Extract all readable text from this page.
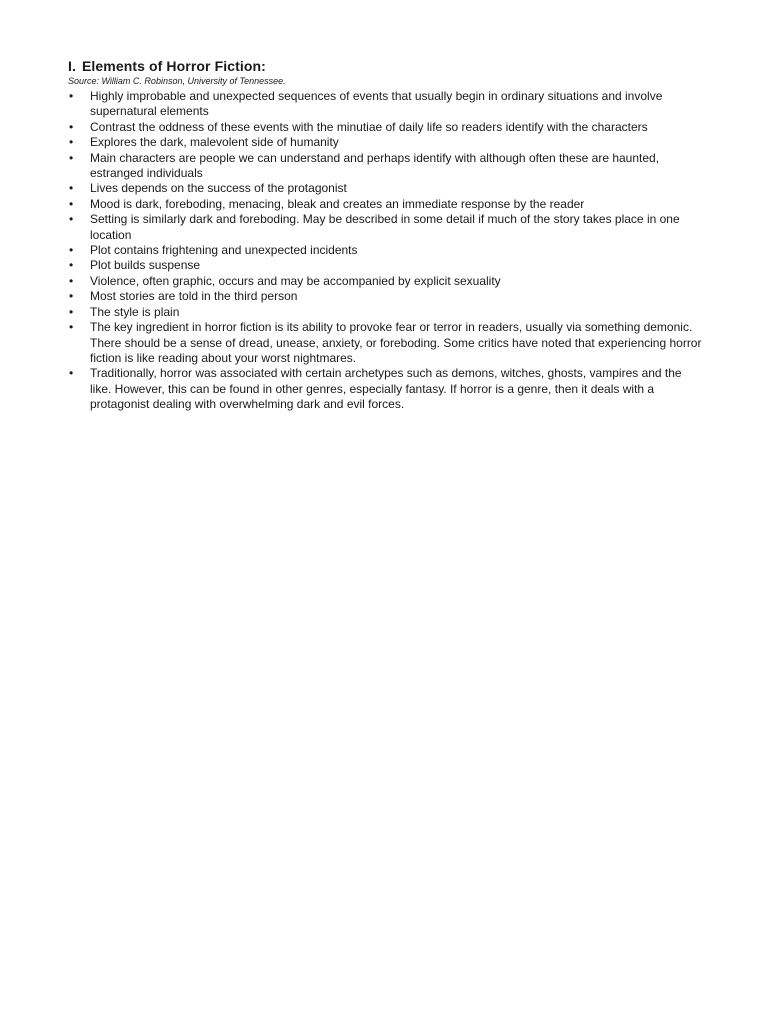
I. Elements of Horror Fiction:

Source: William C. Robinson, University of Tennessee.

• Highly improbable and unexpected sequences of events that usually begin in ordinary situations and involve supernatural elements
• Contrast the oddness of these events with the minutiae of daily life so readers identify with the characters
• Explores the dark, malevolent side of humanity
• Main characters are people we can understand and perhaps identify with although often these are haunted, estranged individuals
• Lives depends on the success of the protagonist
• Mood is dark, foreboding, menacing, bleak and creates an immediate response by the reader
• Setting is similarly dark and foreboding. May be described in some detail if much of the story takes place in one location
• Plot contains frightening and unexpected incidents
• Plot builds suspense
• Violence, often graphic, occurs and may be accompanied by explicit sexuality
• Most stories are told in the third person
• The style is plain
• The key ingredient in horror fiction is its ability to provoke fear or terror in readers, usually via something demonic. There should be a sense of dread, unease, anxiety, or foreboding. Some critics have noted that experiencing horror fiction is like reading about your worst nightmares.
• Traditionally, horror was associated with certain archetypes such as demons, witches, ghosts, vampires and the like. However, this can be found in other genres, especially fantasy. If horror is a genre, then it deals with a protagonist dealing with overwhelming dark and evil forces.
